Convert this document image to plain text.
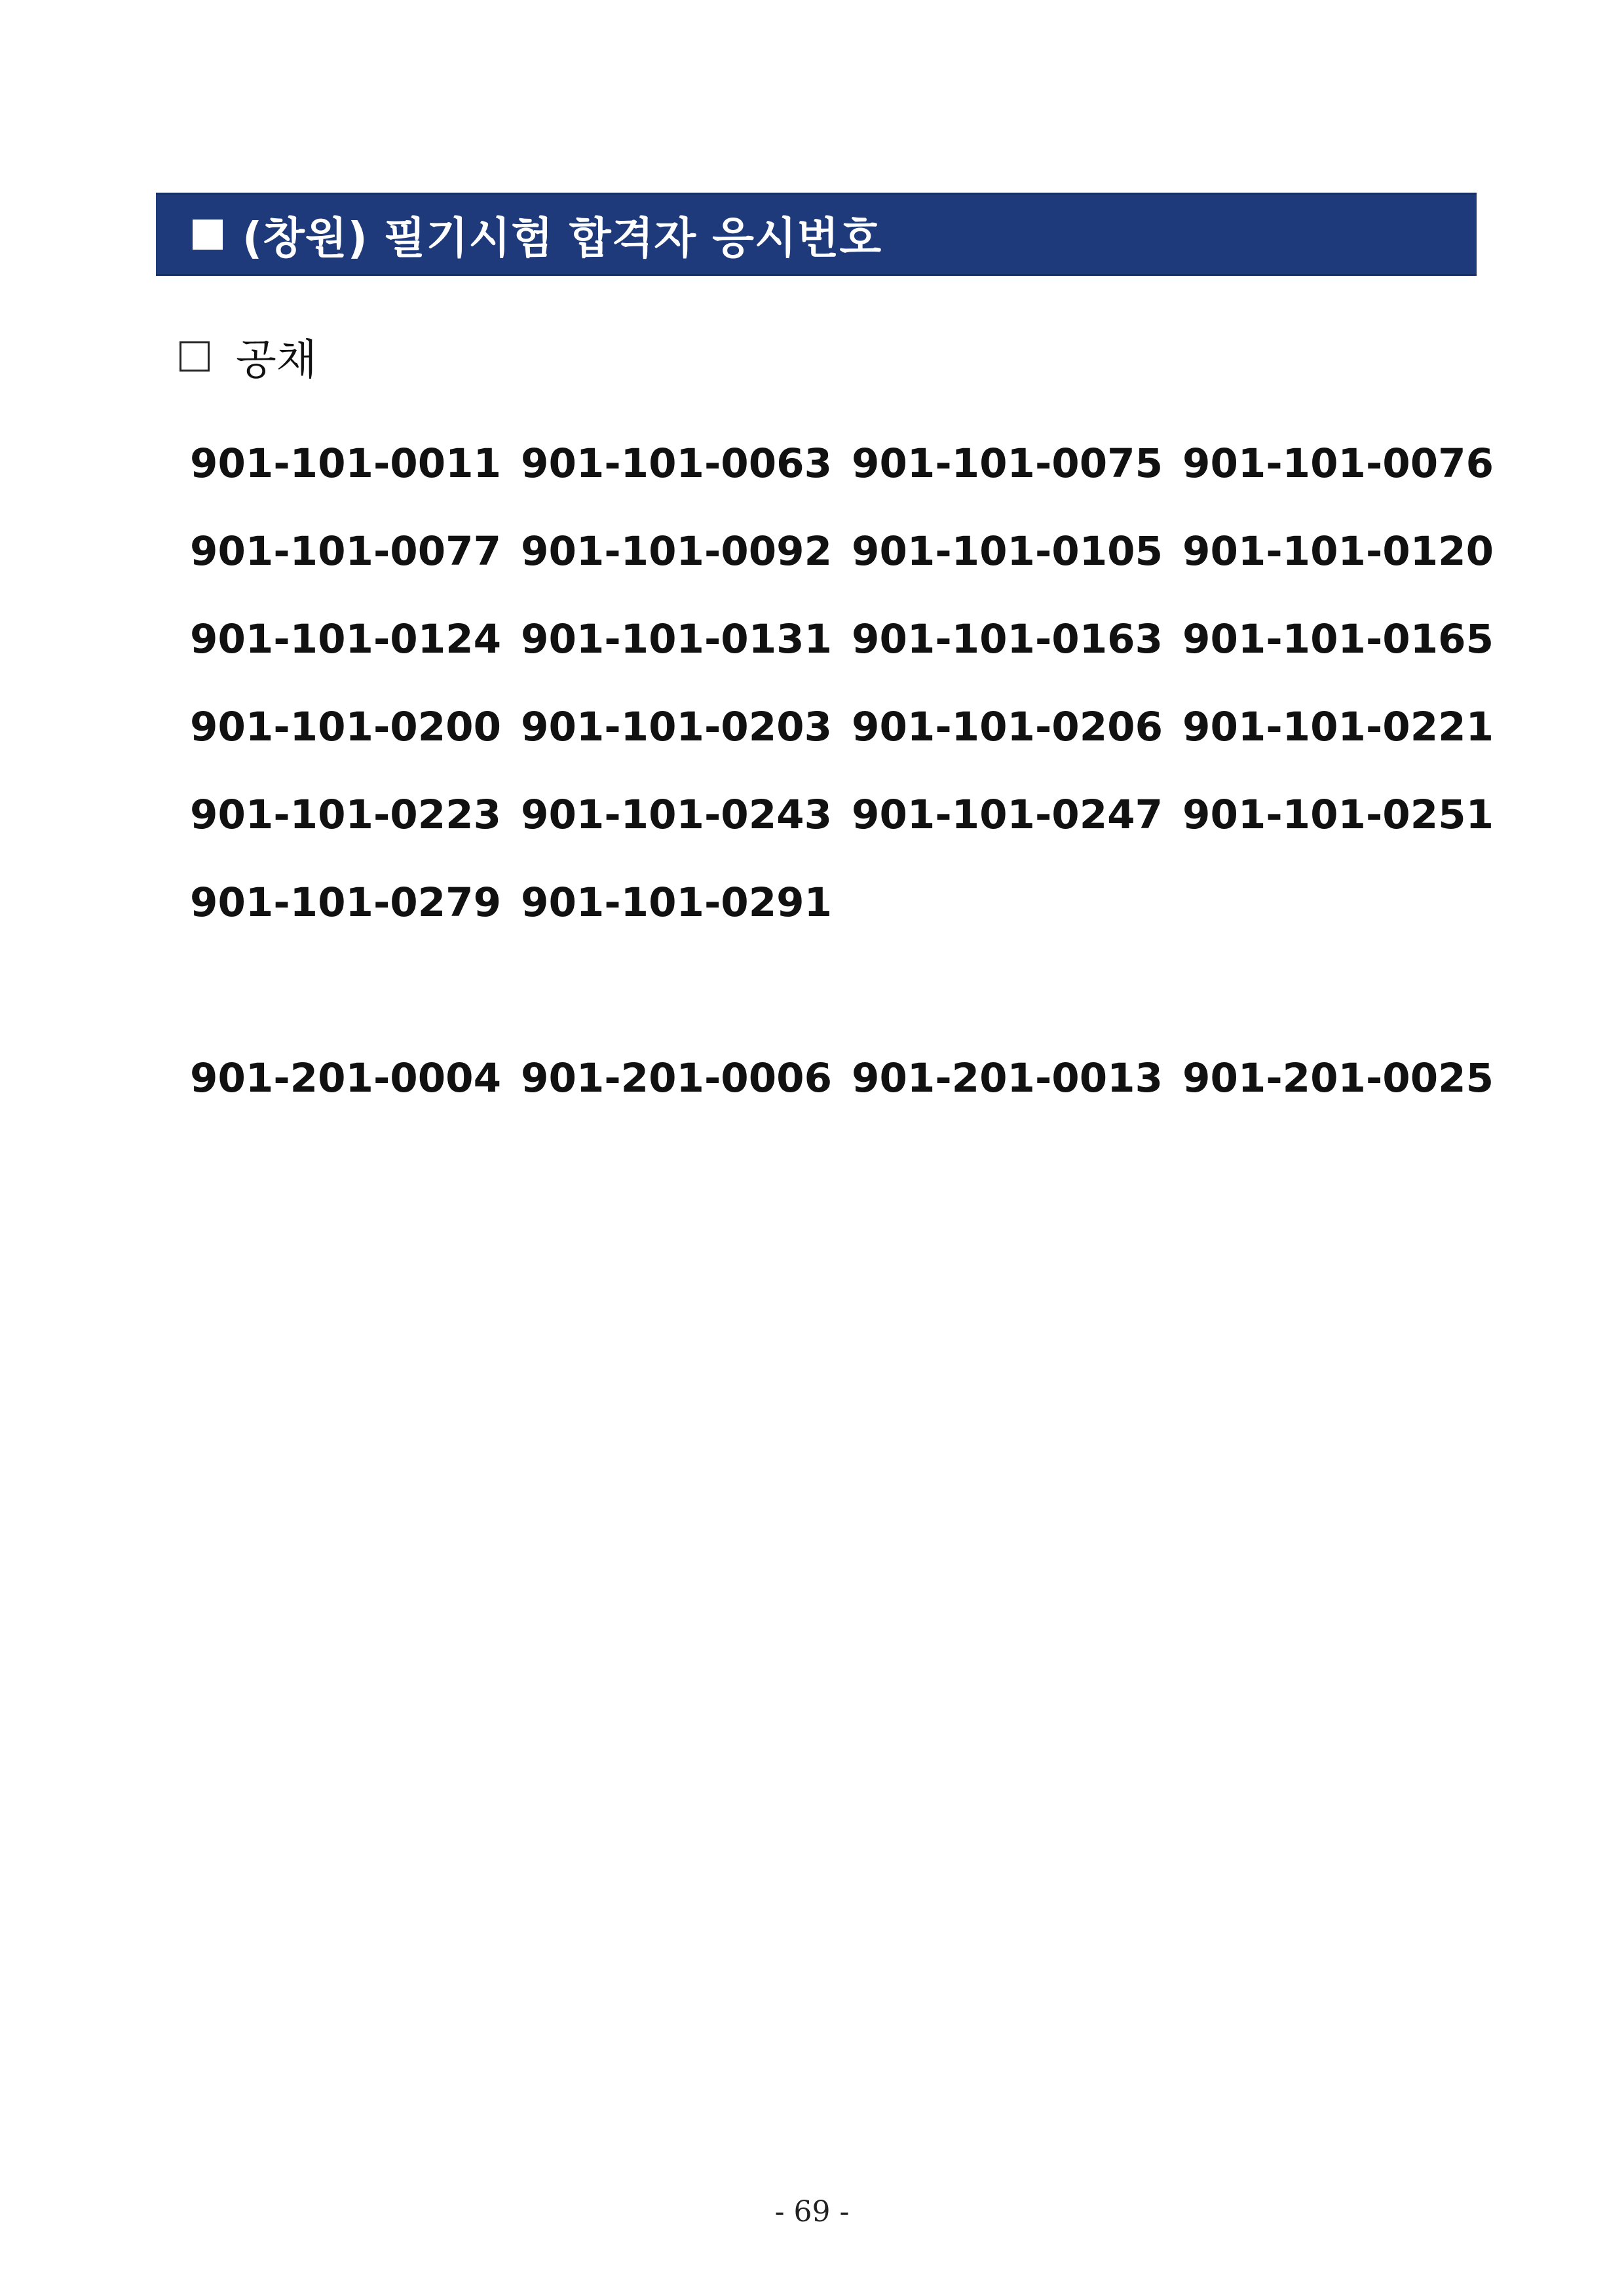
(창원) 필기시험 합격자 응시번호
공채
901-101-0011 901-101-0063 901-101-0075 901-101-0076
901-101-0077 901-101-0092 901-101-0105 901-101-0120
901-101-0124 901-101-0131 901-101-0163 901-101-0165
901-101-0200 901-101-0203 901-101-0206 901-101-0221
901-101-0223 901-101-0243 901-101-0247 901-101-0251
901-101-0279 901-101-0291
901-201-0004 901-201-0006 901-201-0013 901-201-0025
- 69 -
